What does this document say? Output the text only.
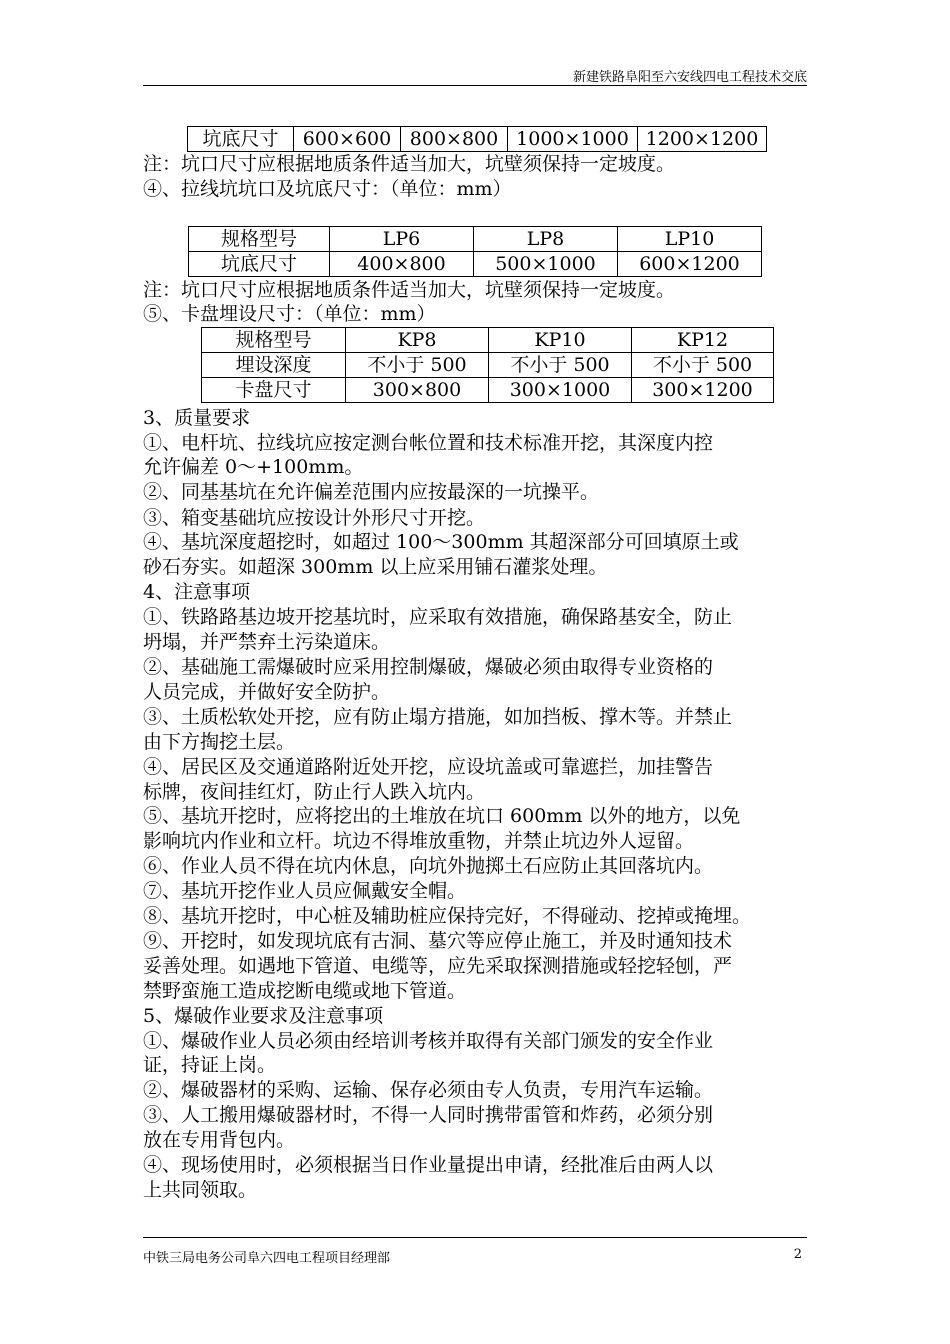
新建铁路阜阳至六安线四电工程技术交底
坑底尺寸	600×600	800×800	1000×1000	1200×1200
注：坑口尺寸应根据地质条件适当加大，坑壁须保持一定坡度。
④、拉线坑坑口及坑底尺寸：（单位：mm）
规格型号	LP6	LP8	LP10
坑底尺寸	400×800	500×1000	600×1200
注：坑口尺寸应根据地质条件适当加大，坑壁须保持一定坡度。
⑤、卡盘埋设尺寸：（单位：mm）
规格型号	KP8	KP10	KP12
埋设深度	不小于 500	不小于 500	不小于 500
卡盘尺寸	300×800	300×1000	300×1200
3、质量要求
①、电杆坑、拉线坑应按定测台帐位置和技术标准开挖，其深度内控
允许偏差 0～+100mm。
②、同基基坑在允许偏差范围内应按最深的一坑操平。
③、箱变基础坑应按设计外形尺寸开挖。
④、基坑深度超挖时，如超过 100～300mm 其超深部分可回填原土或
砂石夯实。如超深 300mm 以上应采用铺石灌浆处理。
4、注意事项
①、铁路路基边坡开挖基坑时，应采取有效措施，确保路基安全，防止
坍塌，并严禁弃土污染道床。
②、基础施工需爆破时应采用控制爆破，爆破必须由取得专业资格的
人员完成，并做好安全防护。
③、土质松软处开挖，应有防止塌方措施，如加挡板、撑木等。并禁止
由下方掏挖土层。
④、居民区及交通道路附近处开挖，应设坑盖或可靠遮拦，加挂警告
标牌，夜间挂红灯，防止行人跌入坑内。
⑤、基坑开挖时，应将挖出的土堆放在坑口 600mm 以外的地方，以免
影响坑内作业和立杆。坑边不得堆放重物，并禁止坑边外人逗留。
⑥、作业人员不得在坑内休息，向坑外抛掷土石应防止其回落坑内。
⑦、基坑开挖作业人员应佩戴安全帽。
⑧、基坑开挖时，中心桩及辅助桩应保持完好，不得碰动、挖掉或掩埋。
⑨、开挖时，如发现坑底有古洞、墓穴等应停止施工，并及时通知技术
妥善处理。如遇地下管道、电缆等，应先采取探测措施或轻挖轻刨，严
禁野蛮施工造成挖断电缆或地下管道。
5、爆破作业要求及注意事项
①、爆破作业人员必须由经培训考核并取得有关部门颁发的安全作业
证，持证上岗。
②、爆破器材的采购、运输、保存必须由专人负责，专用汽车运输。
③、人工搬用爆破器材时，不得一人同时携带雷管和炸药，必须分别
放在专用背包内。
④、现场使用时，必须根据当日作业量提出申请，经批准后由两人以
上共同领取。
中铁三局电务公司阜六四电工程项目经理部	2
